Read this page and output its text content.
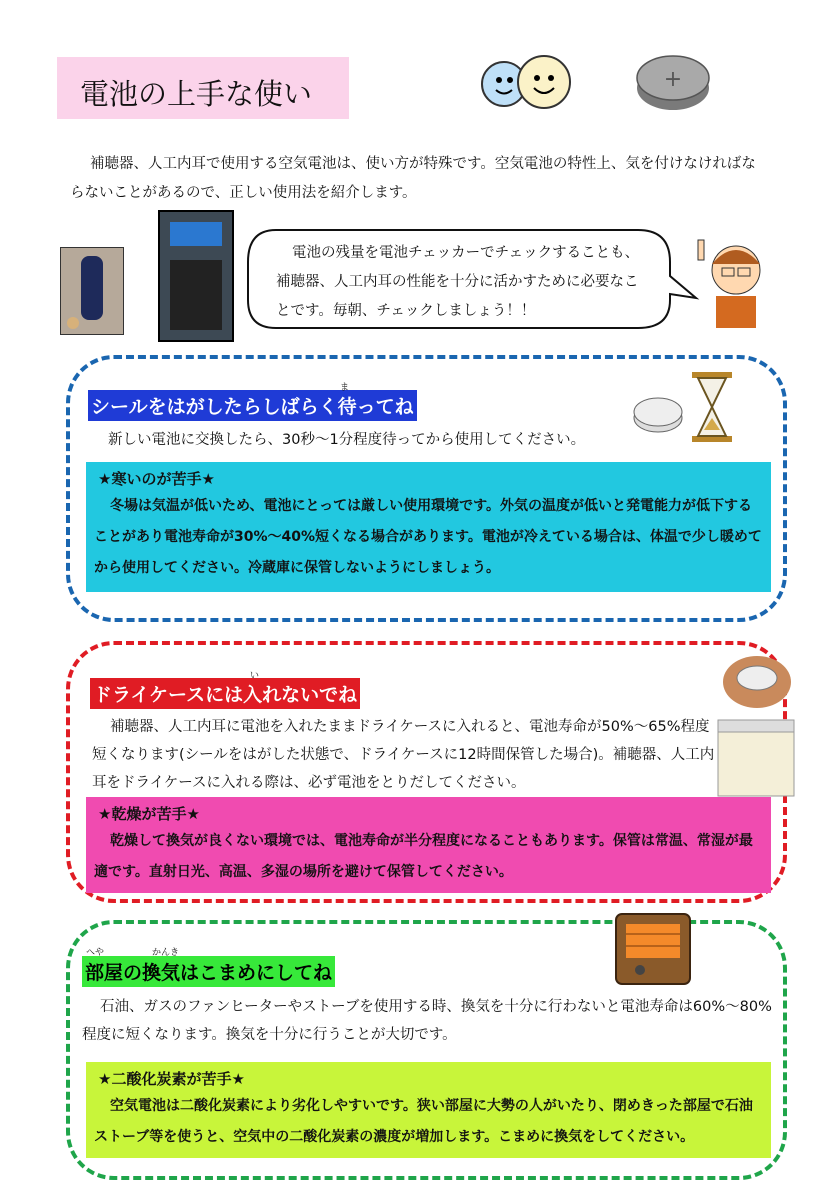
電池の上手な使い	+

補聴器、人工内耳で使用する空気電池は、使い方が特殊です。空気電池の特性上、気を付けなければならないことがあるので、正しい使用法を紹介します。

電池の残量を電池チェッカーでチェックすることも、補聴器、人工内耳の性能を十分に活かすために必要なことです。毎朝、チェックしましょう！！

シールをはがしたらしばらく待ってね
ま

新しい電池に交換したら、30秒～1分程度待ってから使用してください。

★寒いのが苦手★

冬場は気温が低いため、電池にとっては厳しい使用環境です。外気の温度が低いと発電能力が低下することがあり電池寿命が30%～40%短くなる場合があります。電池が冷えている場合は、体温で少し暖めてから使用してください。冷蔵庫に保管しないようにしましょう。

ドライケースには入れないでね
い

補聴器、人工内耳に電池を入れたままドライケースに入れると、電池寿命が50%～65%程度短くなります(シールをはがした状態で、ドライケースに12時間保管した場合)。補聴器、人工内耳をドライケースに入れる際は、必ず電池をとりだしてください。

★乾燥が苦手★

乾燥して換気が良くない環境では、電池寿命が半分程度になることもあります。保管は常温、常湿が最適です。直射日光、高温、多湿の場所を避けて保管してください。

部屋の換気はこまめにしてね
へや	かんき

石油、ガスのファンヒーターやストーブを使用する時、換気を十分に行わないと電池寿命は60%～80%程度に短くなります。換気を十分に行うことが大切です。

★二酸化炭素が苦手★

空気電池は二酸化炭素により劣化しやすいです。狭い部屋に大勢の人がいたり、閉めきった部屋で石油ストーブ等を使うと、空気中の二酸化炭素の濃度が増加します。こまめに換気をしてください。
